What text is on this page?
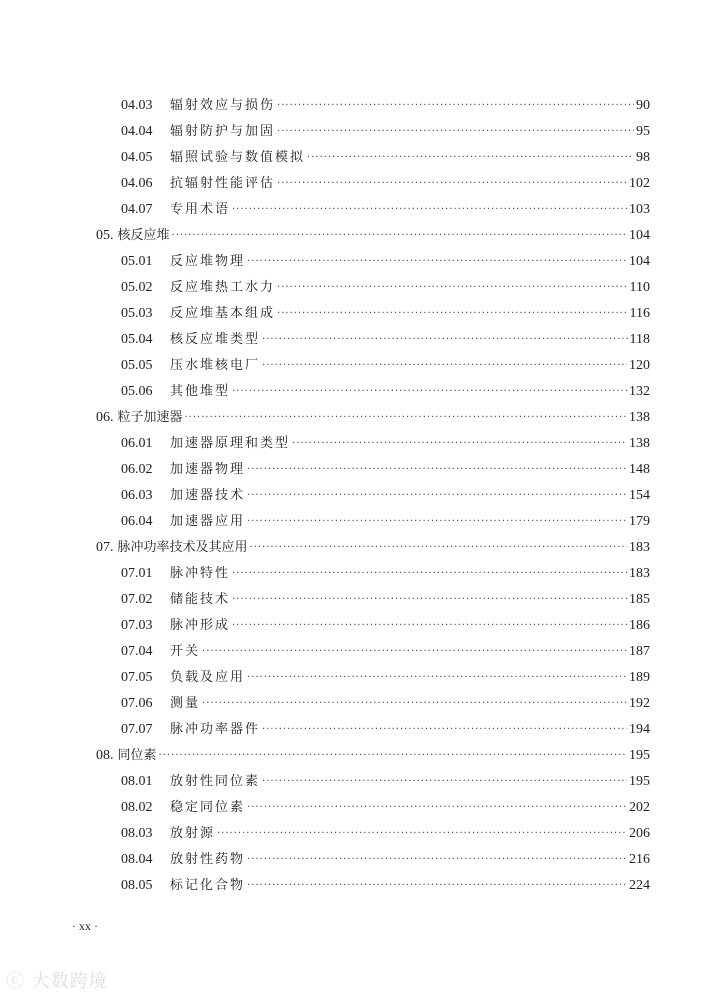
04.03	辐射效应与损伤 ·····	90
04.04	辐射防护与加固 ·····	95
04.05	辐照试验与数值模拟 ·····	98
04.06	抗辐射性能评估 ·····	102
04.07	专用术语 ·····	103
05. 核反应堆 ·····	104
05.01	反应堆物理 ·····	104
05.02	反应堆热工水力 ·····	110
05.03	反应堆基本组成 ·····	116
05.04	核反应堆类型 ·····	118
05.05	压水堆核电厂 ·····	120
05.06	其他堆型 ·····	132
06. 粒子加速器 ·····	138
06.01	加速器原理和类型 ·····	138
06.02	加速器物理 ·····	148
06.03	加速器技术 ·····	154
06.04	加速器应用 ·····	179
07. 脉冲功率技术及其应用 ·····	183
07.01	脉冲特性 ·····	183
07.02	储能技术 ·····	185
07.03	脉冲形成 ·····	186
07.04	开关 ·····	187
07.05	负载及应用 ·····	189
07.06	测量 ·····	192
07.07	脉冲功率器件 ·····	194
08. 同位素 ·····	195
08.01	放射性同位素 ·····	195
08.02	稳定同位素 ·····	202
08.03	放射源 ·····	206
08.04	放射性药物 ·····	216
08.05	标记化合物 ·····	224
· xx ·
ⓒ 大数跨境
